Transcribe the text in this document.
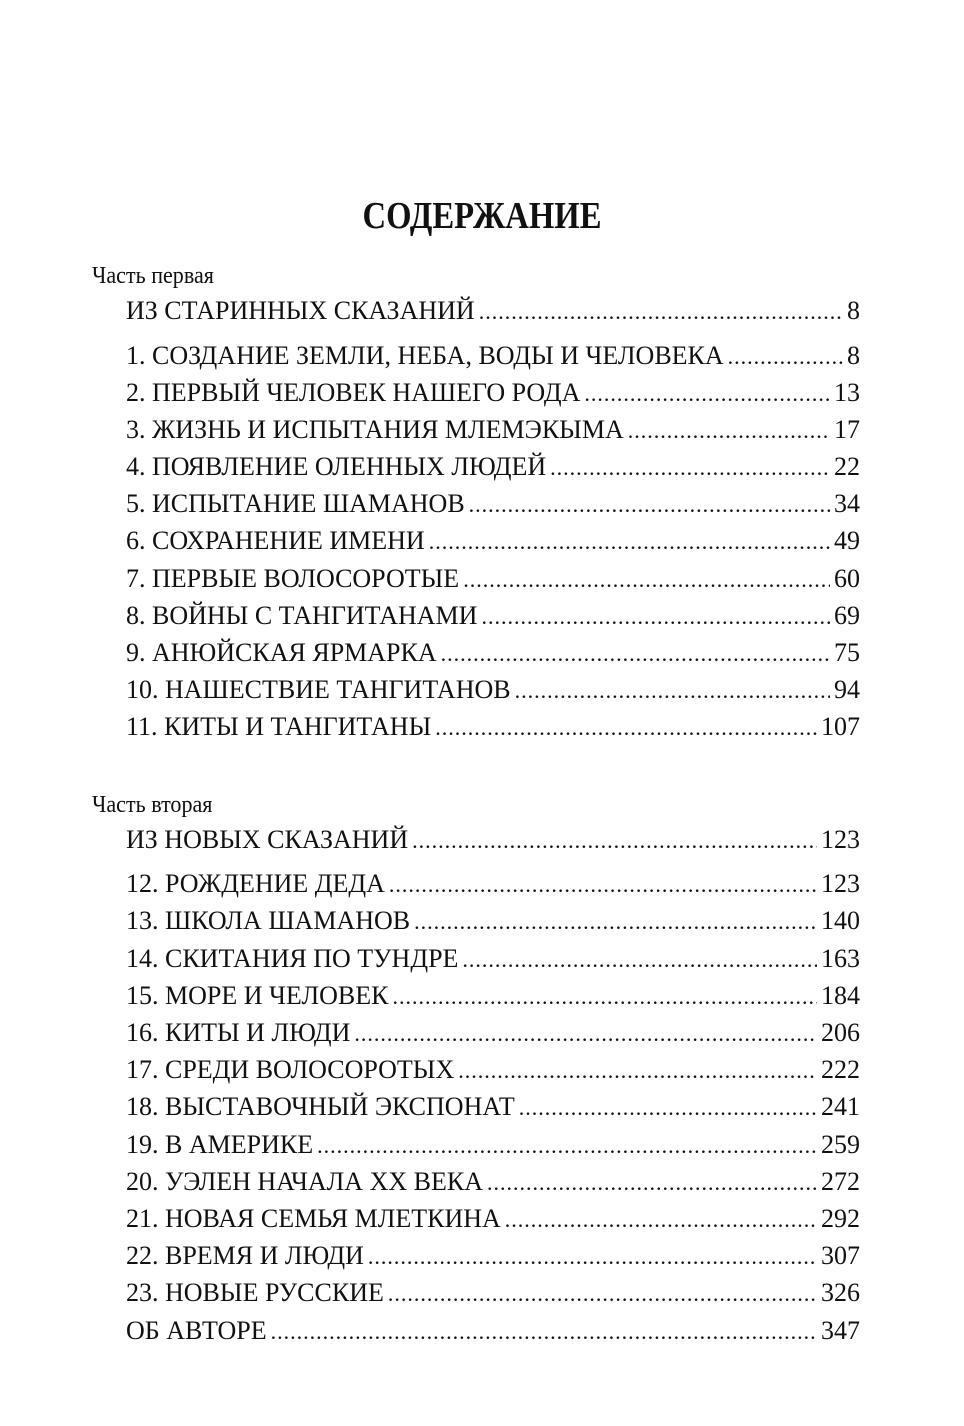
СОДЕРЖАНИЕ
Часть первая
ИЗ СТАРИННЫХ СКАЗАНИЙ .....	8
1. СОЗДАНИЕ ЗЕМЛИ, НЕБА, ВОДЫ И ЧЕЛОВЕКА .....	8
2. ПЕРВЫЙ ЧЕЛОВЕК НАШЕГО РОДА .....	13
3. ЖИЗНЬ И ИСПЫТАНИЯ МЛЕМЭКЫМА .....	17
4. ПОЯВЛЕНИЕ ОЛЕННЫХ ЛЮДЕЙ .....	22
5. ИСПЫТАНИЕ ШАМАНОВ .....	34
6. СОХРАНЕНИЕ ИМЕНИ .....	49
7. ПЕРВЫЕ ВОЛОСОРОТЫЕ .....	60
8. ВОЙНЫ С ТАНГИТАНАМИ .....	69
9. АНЮЙСКАЯ ЯРМАРКА .....	75
10. НАШЕСТВИЕ ТАНГИТАНОВ .....	94
11. КИТЫ И ТАНГИТАНЫ .....	107
Часть вторая
ИЗ НОВЫХ СКАЗАНИЙ .....	123
12. РОЖДЕНИЕ ДЕДА .....	123
13. ШКОЛА ШАМАНОВ .....	140
14. СКИТАНИЯ ПО ТУНДРЕ .....	163
15. МОРЕ И ЧЕЛОВЕК .....	184
16. КИТЫ И ЛЮДИ .....	206
17. СРЕДИ ВОЛОСОРОТЫХ .....	222
18. ВЫСТАВОЧНЫЙ ЭКСПОНАТ .....	241
19. В АМЕРИКЕ .....	259
20. УЭЛЕН НАЧАЛА XX ВЕКА .....	272
21. НОВАЯ СЕМЬЯ МЛЕТКИНА .....	292
22. ВРЕМЯ И ЛЮДИ .....	307
23. НОВЫЕ РУССКИЕ .....	326
ОБ АВТОРЕ .....	347
